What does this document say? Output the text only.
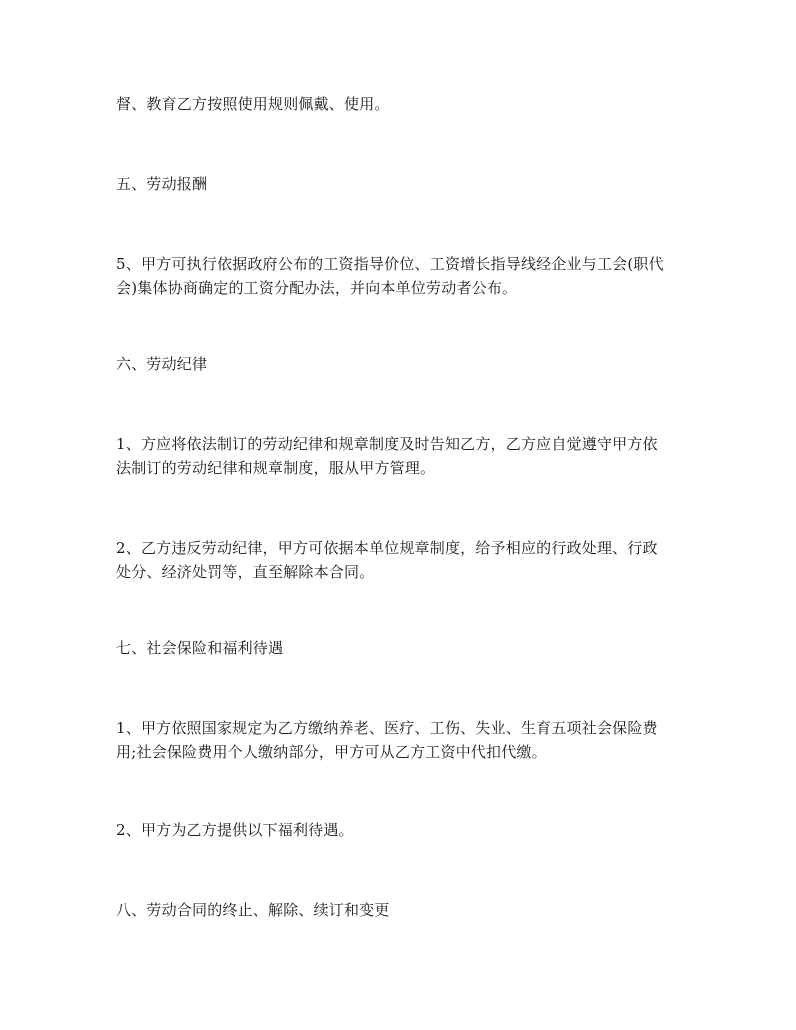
督、教育乙方按照使用规则佩戴、使用。
五、劳动报酬
5、甲方可执行依据政府公布的工资指导价位、工资增长指导线经企业与工会(职代
会)集体协商确定的工资分配办法，并向本单位劳动者公布。
六、劳动纪律
1、方应将依法制订的劳动纪律和规章制度及时告知乙方，乙方应自觉遵守甲方依
法制订的劳动纪律和规章制度，服从甲方管理。
2、乙方违反劳动纪律，甲方可依据本单位规章制度，给予相应的行政处理、行政
处分、经济处罚等，直至解除本合同。
七、社会保险和福利待遇
1、甲方依照国家规定为乙方缴纳养老、医疗、工伤、失业、生育五项社会保险费
用;社会保险费用个人缴纳部分，甲方可从乙方工资中代扣代缴。
2、甲方为乙方提供以下福利待遇。
八、劳动合同的终止、解除、续订和变更
